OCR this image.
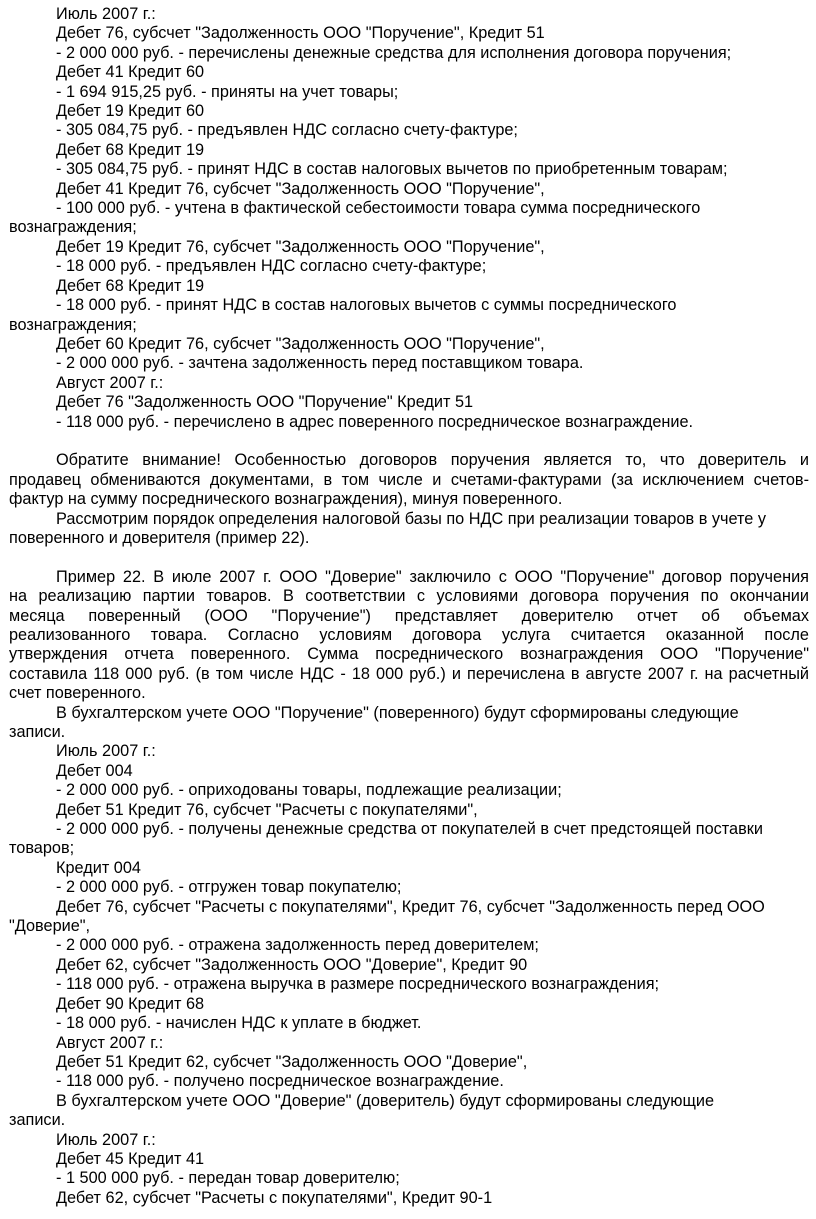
Июль 2007 г.:
Дебет 76, субсчет "Задолженность ООО "Поручение", Кредит 51
- 2 000 000 руб. - перечислены денежные средства для исполнения договора поручения;
Дебет 41 Кредит 60
- 1 694 915,25 руб. - приняты на учет товары;
Дебет 19 Кредит 60
- 305 084,75 руб. - предъявлен НДС согласно счету-фактуре;
Дебет 68 Кредит 19
- 305 084,75 руб. - принят НДС в состав налоговых вычетов по приобретенным товарам;
Дебет 41 Кредит 76, субсчет "Задолженность ООО "Поручение",
- 100 000 руб. - учтена в фактической себестоимости товара сумма посреднического
вознаграждения;
Дебет 19 Кредит 76, субсчет "Задолженность ООО "Поручение",
- 18 000 руб. - предъявлен НДС согласно счету-фактуре;
Дебет 68 Кредит 19
- 18 000 руб. - принят НДС в состав налоговых вычетов с суммы посреднического
вознаграждения;
Дебет 60 Кредит 76, субсчет "Задолженность ООО "Поручение",
- 2 000 000 руб. - зачтена задолженность перед поставщиком товара.
Август 2007 г.:
Дебет 76 "Задолженность ООО "Поручение" Кредит 51
- 118 000 руб. - перечислено в адрес поверенного посредническое вознаграждение.
Обратите внимание! Особенностью договоров поручения является то, что доверитель и
продавец обмениваются документами, в том числе и счетами-фактурами (за исключением счетов-
фактур на сумму посреднического вознаграждения), минуя поверенного.
Рассмотрим порядок определения налоговой базы по НДС при реализации товаров в учете у
поверенного и доверителя (пример 22).
Пример 22. В июле 2007 г. ООО "Доверие" заключило с ООО "Поручение" договор поручения
на реализацию партии товаров. В соответствии с условиями договора поручения по окончании
месяца поверенный (ООО "Поручение") представляет доверителю отчет об объемах
реализованного товара. Согласно условиям договора услуга считается оказанной после
утверждения отчета поверенного. Сумма посреднического вознаграждения ООО "Поручение"
составила 118 000 руб. (в том числе НДС - 18 000 руб.) и перечислена в августе 2007 г. на расчетный
счет поверенного.
В бухгалтерском учете ООО "Поручение" (поверенного) будут сформированы следующие
записи.
Июль 2007 г.:
Дебет 004
- 2 000 000 руб. - оприходованы товары, подлежащие реализации;
Дебет 51 Кредит 76, субсчет "Расчеты с покупателями",
- 2 000 000 руб. - получены денежные средства от покупателей в счет предстоящей поставки
товаров;
Кредит 004
- 2 000 000 руб. - отгружен товар покупателю;
Дебет 76, субсчет "Расчеты с покупателями", Кредит 76, субсчет "Задолженность перед ООО
"Доверие",
- 2 000 000 руб. - отражена задолженность перед доверителем;
Дебет 62, субсчет "Задолженность ООО "Доверие", Кредит 90
- 118 000 руб. - отражена выручка в размере посреднического вознаграждения;
Дебет 90 Кредит 68
- 18 000 руб. - начислен НДС к уплате в бюджет.
Август 2007 г.:
Дебет 51 Кредит 62, субсчет "Задолженность ООО "Доверие",
- 118 000 руб. - получено посредническое вознаграждение.
В бухгалтерском учете ООО "Доверие" (доверитель) будут сформированы следующие
записи.
Июль 2007 г.:
Дебет 45 Кредит 41
- 1 500 000 руб. - передан товар доверителю;
Дебет 62, субсчет "Расчеты с покупателями", Кредит 90-1
